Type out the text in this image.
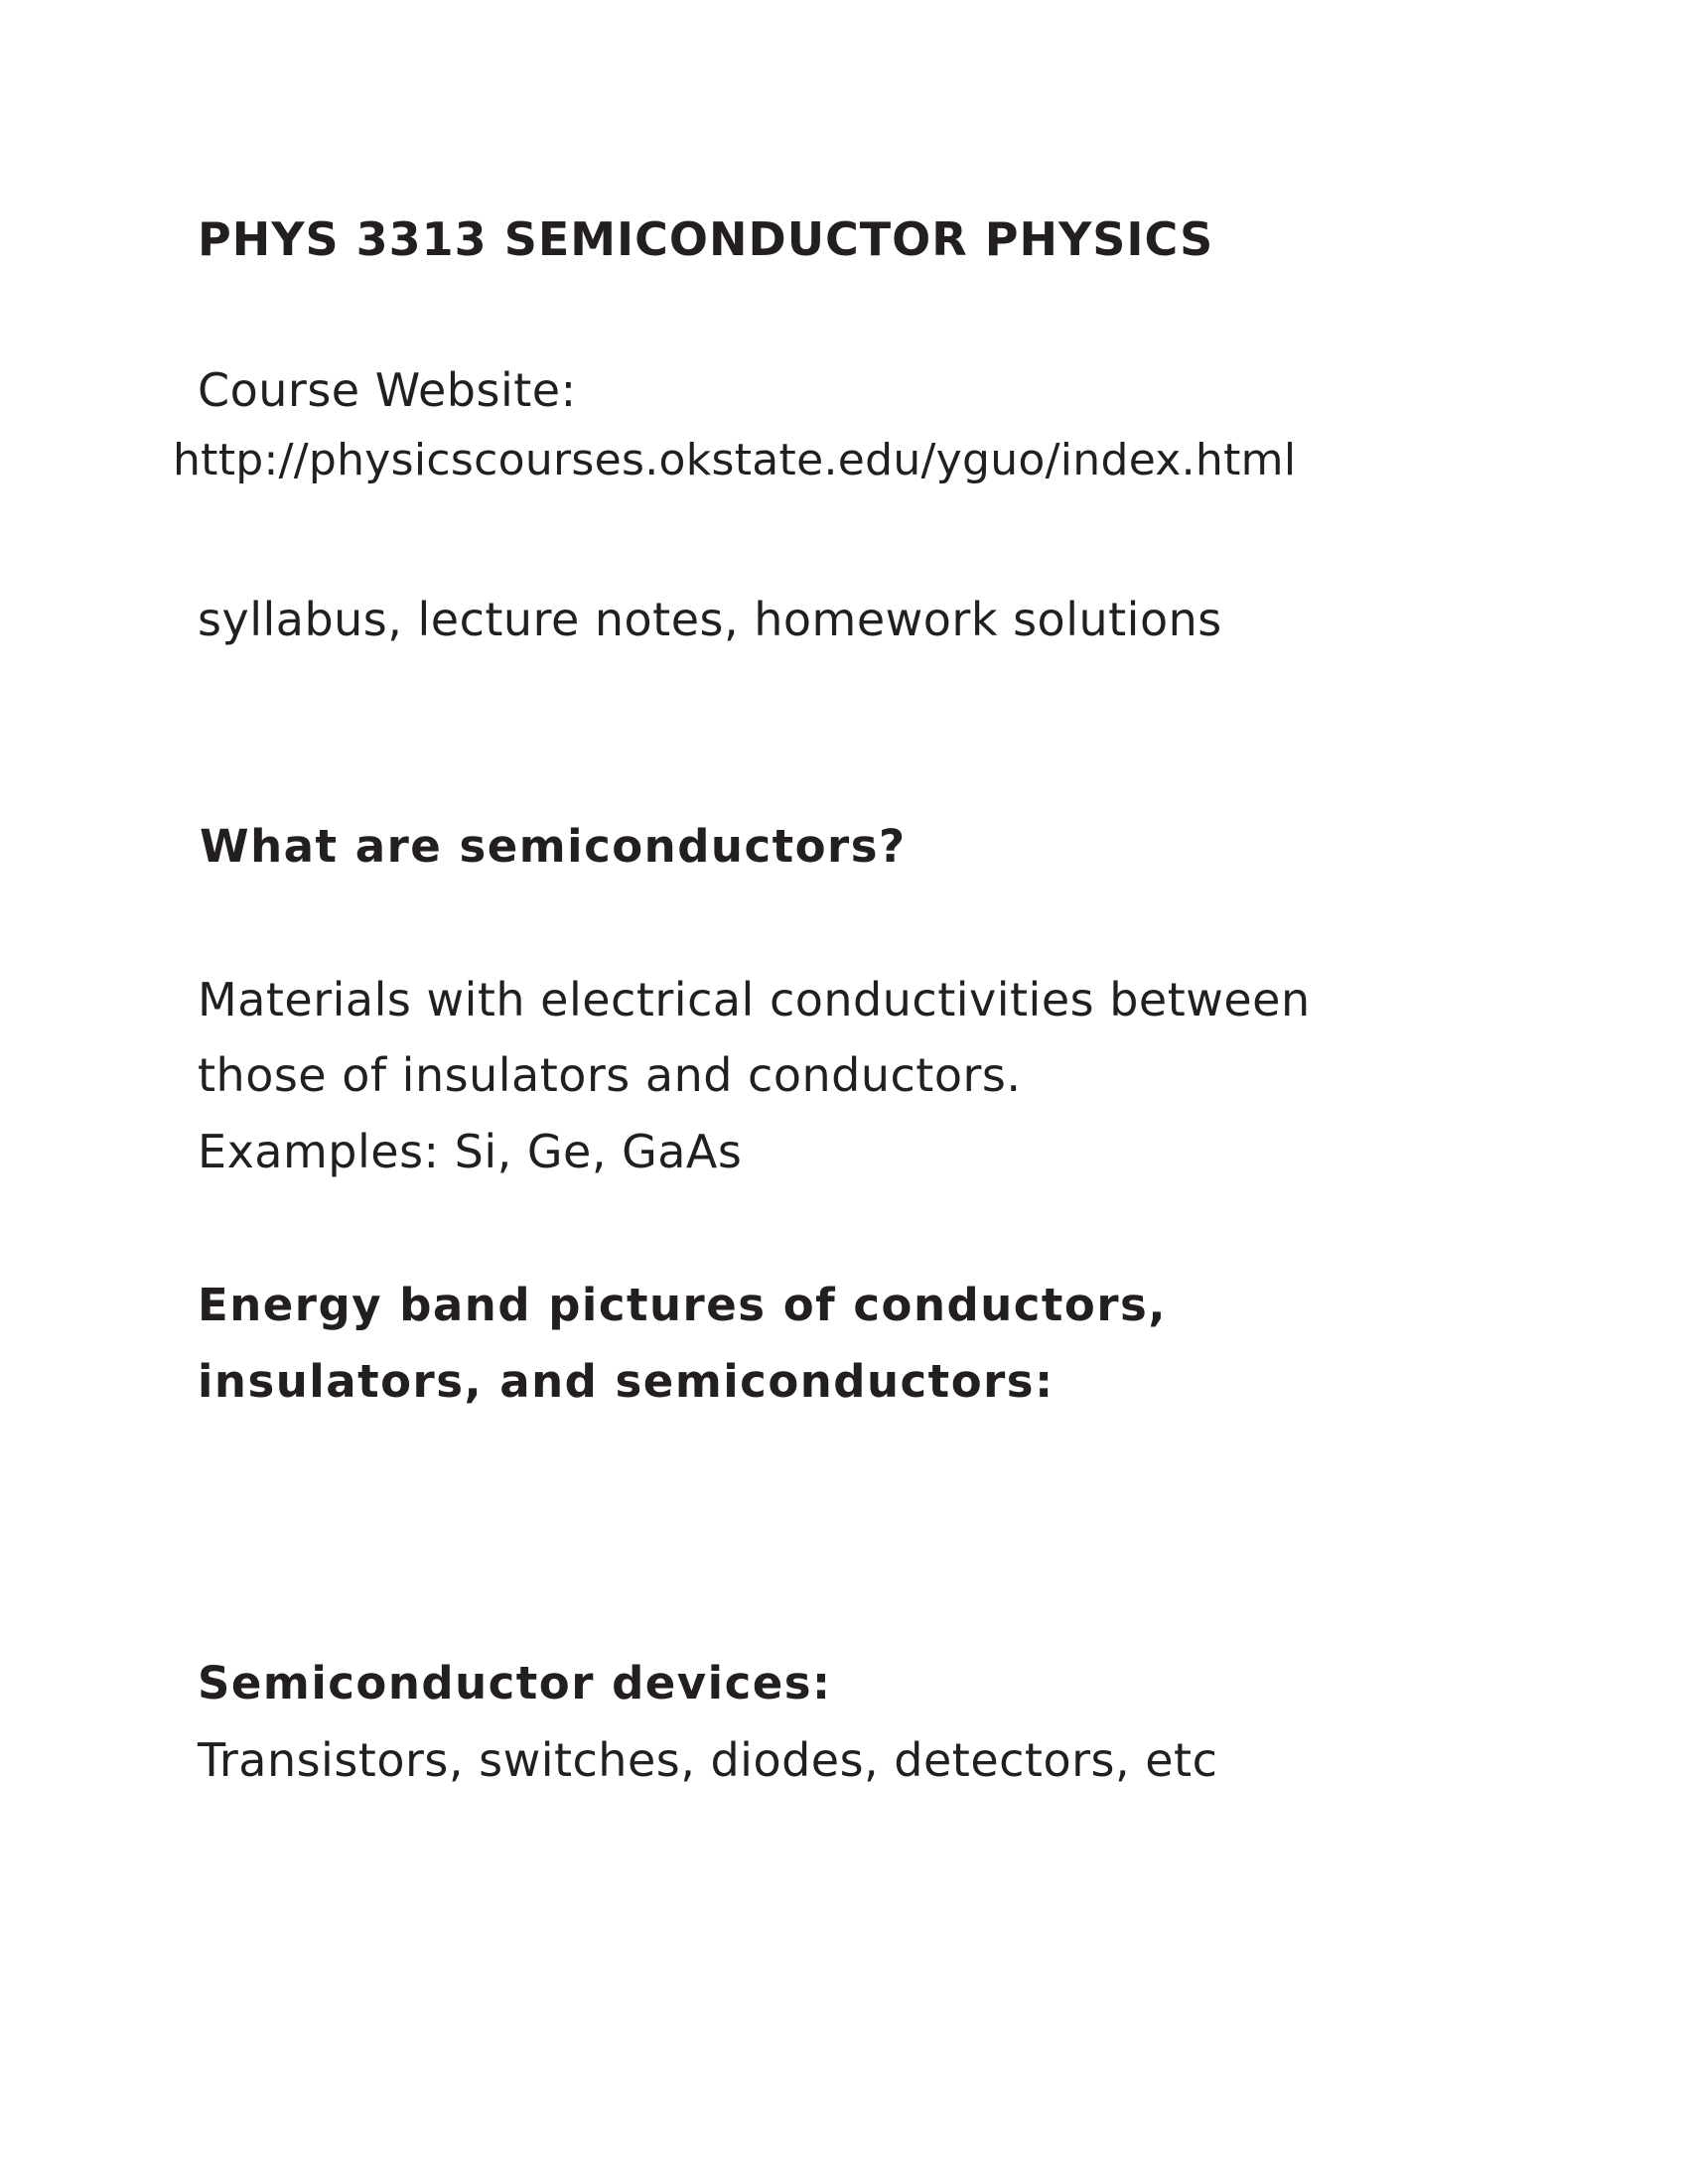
PHYS 3313 SEMICONDUCTOR PHYSICS
Course Website:
http://physicscourses.okstate.edu/yguo/index.html
syllabus, lecture notes, homework solutions
What are semiconductors?
Materials with electrical conductivities between
those of insulators and conductors.
Examples: Si, Ge, GaAs
Energy band pictures of conductors,
insulators, and semiconductors:
Semiconductor devices:
Transistors, switches, diodes, detectors, etc
